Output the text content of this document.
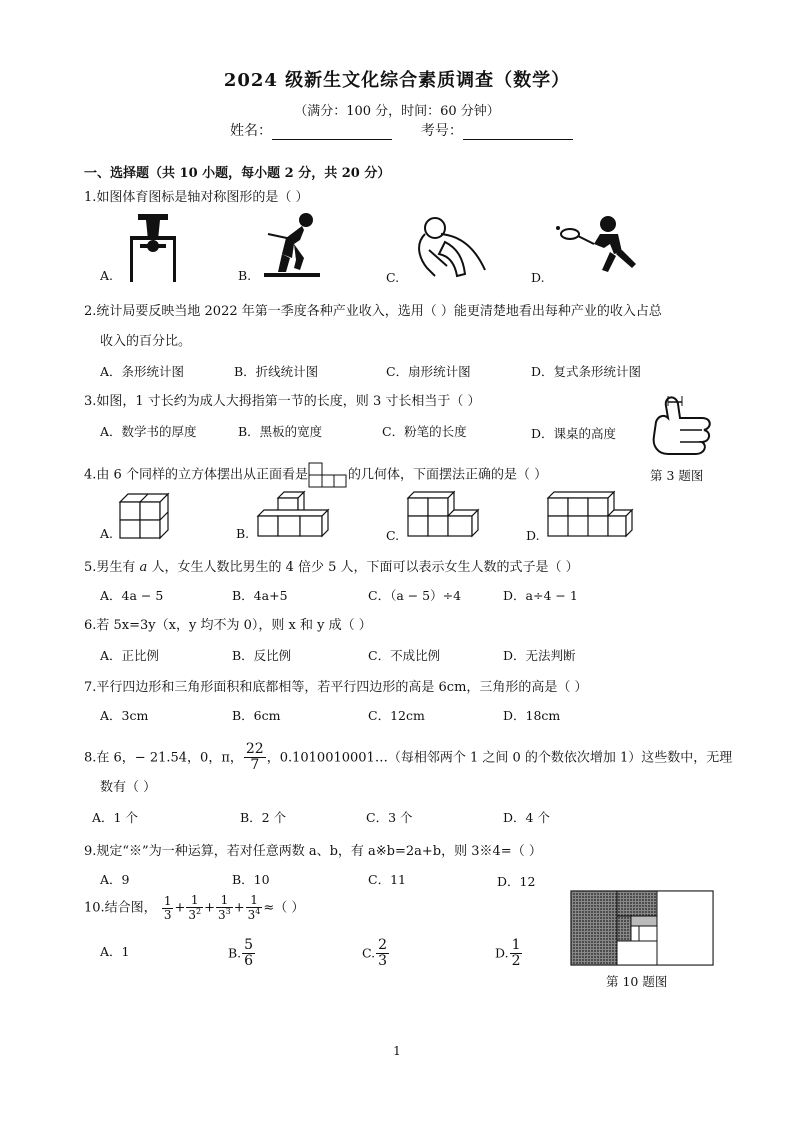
2024 级新生文化综合素质调查（数学）
（满分：100 分，时间：60 分钟）
姓名：	考号：
一、选择题（共 10 小题，每小题 2 分，共 20 分）
1.如图体育图标是轴对称图形的是（ ）
A.	B.	C.	D.
2.统计局要反映当地 2022 年第一季度各种产业收入，选用（ ）能更清楚地看出每种产业的收入占总
收入的百分比。
A．条形统计图	B．折线统计图	C．扇形统计图	D．复式条形统计图
3.如图，1 寸长约为成人大拇指第一节的长度，则 3 寸长相当于（ ）
A．数学书的厚度	B．黑板的宽度	C．粉笔的长度	D．课桌的高度
第 3 题图
4.由 6 个同样的立方体摆出从正面看是	的几何体，下面摆法正确的是（ ）
A.	B.	C.	D.
5.男生有 a 人，女生人数比男生的 4 倍少 5 人，下面可以表示女生人数的式子是（ ）
A．4a − 5	B．4a+5	C．（a − 5）÷4	D．a÷4 − 1
6.若 5x=3y（x，y 均不为 0），则 x 和 y 成（ ）
A．正比例	B．反比例	C．不成比例	D．无法判断
7.平行四边形和三角形面积和底都相等，若平行四边形的高是 6cm，三角形的高是（ ）
A．3cm	B．6cm	C．12cm	D．18cm
8.在 6，− 21.54，0，π， $\frac{22}{7}$ ，0.1010010001…（每相邻两个 1 之间 0 的个数依次增加 1）这些数中，无理
数有（ ）
A．1 个	B．2 个	C．3 个	D．4 个
9.规定“※”为一种运算，若对任意两数 a、b，有 a※b=2a+b，则 3※4=（ ）
A．9	B．10	C．11	D．12
10.结合图， $\frac{1}{3} + \frac{1}{3^2} + \frac{1}{3^3} + \frac{1}{3^4}$ ≈（ ）
A．1	B. $\frac{5}{6}$	C. $\frac{2}{3}$	D. $\frac{1}{2}$
第 10 题图
1
